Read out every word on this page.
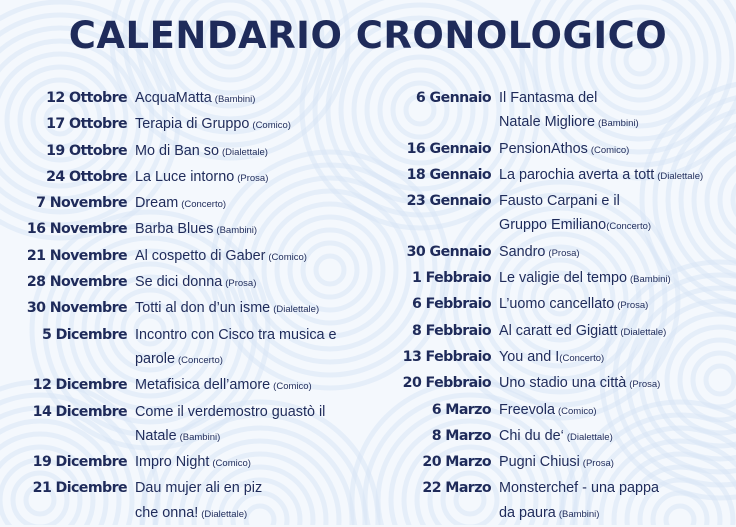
CALENDARIO CRONOLOGICO
12 Ottobre AcquaMatta (Bambini)
17 Ottobre Terapia di Gruppo (Comico)
19 Ottobre Mo di Ban so (Dialettale)
24 Ottobre La Luce intorno (Prosa)
7 Novembre Dream (Concerto)
16 Novembre Barba Blues (Bambini)
21 Novembre Al cospetto di Gaber (Comico)
28 Novembre Se dici donna (Prosa)
30 Novembre Totti al don d’un isme (Dialettale)
5 Dicembre Incontro con Cisco tra musica e
parole (Concerto)
12 Dicembre Metafisica dell’amore (Comico)
14 Dicembre Come il verdemostro guastò il
Natale (Bambini)
19 Dicembre Impro Night (Comico)
21 Dicembre Dau mujer ali en piz
che onna! (Dialettale)
6 Gennaio Il Fantasma del
Natale Migliore (Bambini)
16 Gennaio PensionAthos (Comico)
18 Gennaio La parochia averta a tott (Dialettale)
23 Gennaio Fausto Carpani e il
Gruppo Emiliano(Concerto)
30 Gennaio Sandro (Prosa)
1 Febbraio Le valigie del tempo (Bambini)
6 Febbraio L’uomo cancellato (Prosa)
8 Febbraio Al caratt ed Gigiatt (Dialettale)
13 Febbraio You and I(Concerto)
20 Febbraio Uno stadio una città (Prosa)
6 Marzo Freevola (Comico)
8 Marzo Chi du de‘ (Dialettale)
20 Marzo Pugni Chiusi (Prosa)
22 Marzo Monsterchef - una pappa
da paura (Bambini)
